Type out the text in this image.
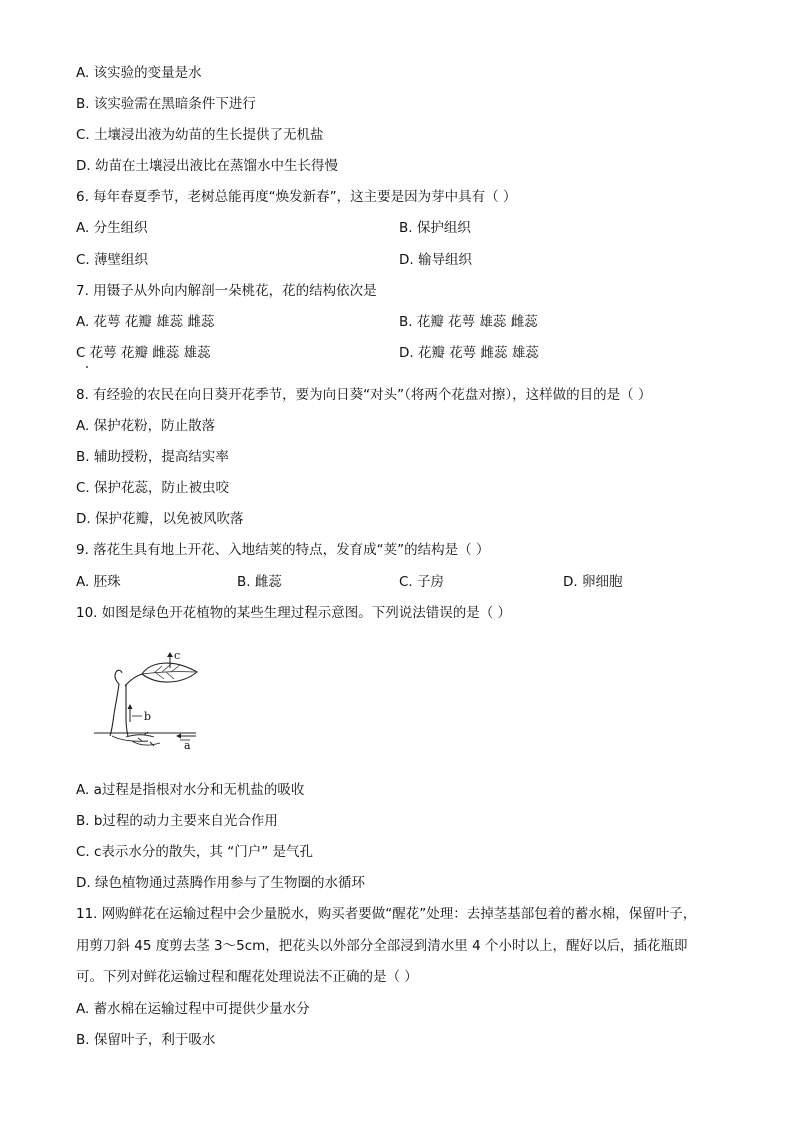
A. 该实验的变量是水
B. 该实验需在黑暗条件下进行
C. 土壤浸出液为幼苗的生长提供了无机盐
D. 幼苗在土壤浸出液比在蒸馏水中生长得慢
6. 每年春夏季节，老树总能再度“焕发新春”，这主要是因为芽中具有（ ）
A. 分生组织	B. 保护组织
C. 薄壁组织	D. 输导组织
7. 用镊子从外向内解剖一朵桃花，花的结构依次是
A. 花萼 花瓣 雄蕊 雌蕊	B. 花瓣 花萼 雄蕊 雌蕊
C 花萼 花瓣 雌蕊 雄蕊	D. 花瓣 花萼 雌蕊 雄蕊
8. 有经验的农民在向日葵开花季节，要为向日葵“对头”（将两个花盘对擦），这样做的目的是（ ）
A. 保护花粉，防止散落
B. 辅助授粉，提高结实率
C. 保护花蕊，防止被虫咬
D. 保护花瓣，以免被风吹落
9. 落花生具有地上开花、入地结荚的特点，发育成“荚”的结构是（ ）
A. 胚珠	B. 雌蕊	C. 子房	D. 卵细胞
10. 如图是绿色开花植物的某些生理过程示意图。下列说法错误的是（ ）
c
b
a
A. a过程是指根对水分和无机盐的吸收
B. b过程的动力主要来自光合作用
C. c表示水分的散失，其 “门户” 是气孔
D. 绿色植物通过蒸腾作用参与了生物圈的水循环
11. 网购鲜花在运输过程中会少量脱水，购买者要做“醒花”处理：去掉茎基部包着的蓄水棉，保留叶子，
用剪刀斜 45 度剪去茎 3～5cm，把花头以外部分全部浸到清水里 4 个小时以上，醒好以后，插花瓶即
可。下列对鲜花运输过程和醒花处理说法不正确的是（ ）
A. 蓄水棉在运输过程中可提供少量水分
B. 保留叶子，利于吸水
